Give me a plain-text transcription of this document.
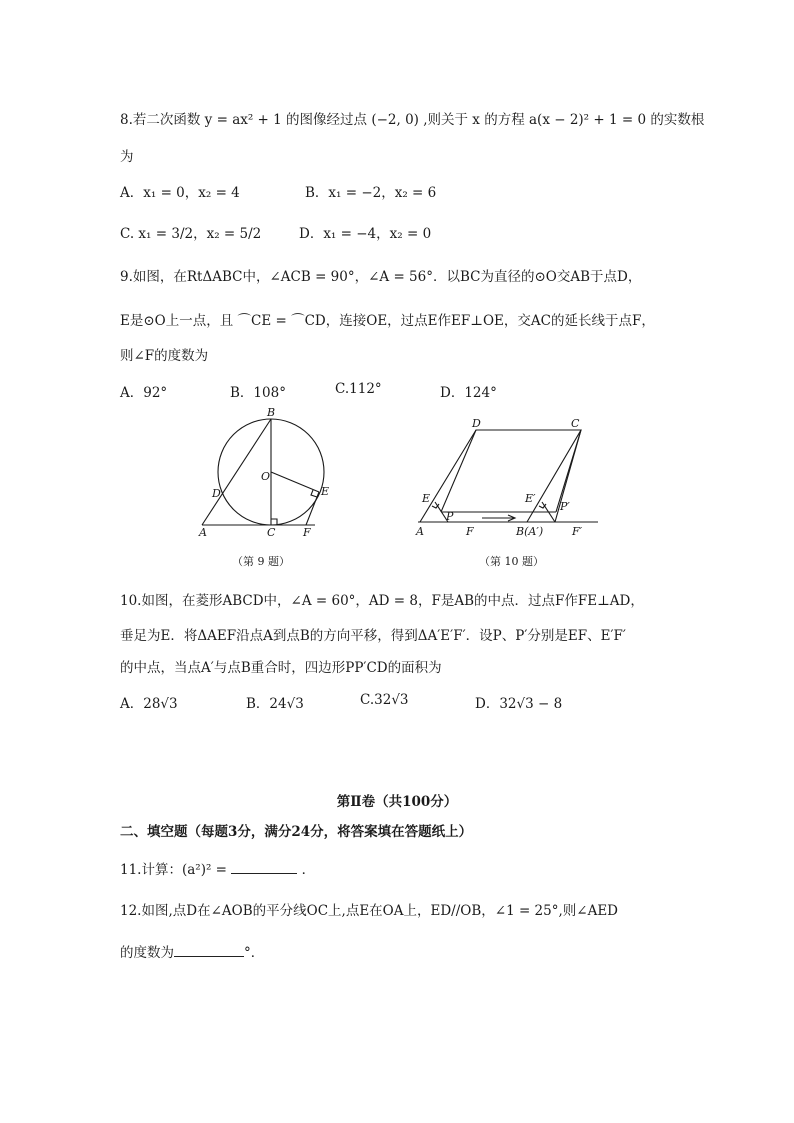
8.若二次函数 y = ax² + 1 的图像经过点 (−2, 0) ,则关于 x 的方程 a(x − 2)² + 1 = 0 的实数根
为
A．x₁ = 0，x₂ = 4	B．x₁ = −2，x₂ = 6
C. x₁ = 3/2，x₂ = 5/2	D．x₁ = −4，x₂ = 0
9.如图，在RtΔABC中，∠ACB = 90°，∠A = 56°．以BC为直径的⊙O交AB于点D，
E是⊙O上一点，且 ⌒CE = ⌒CD，连接OE，过点E作EF⊥OE，交AC的延长线于点F，
则∠F的度数为
A．92°	B．108°	C.112°	D．124°
B
O
E
D
A	C	F
（第 9 题）
D	C
E
P
A	F	B(A′)
E′
P′
F′
（第 10 题）
10.如图，在菱形ABCD中，∠A = 60°，AD = 8，F是AB的中点．过点F作FE⊥AD，
垂足为E．将ΔAEF沿点A到点B的方向平移，得到ΔA′E′F′．设P、P′分别是EF、E′F′
的中点，当点A′与点B重合时，四边形PP′CD的面积为
A．28√3	B．24√3	C.32√3	D．32√3 − 8
第Ⅱ卷（共100分）
二、填空题（每题3分，满分24分，将答案填在答题纸上）
11.计算：(a²)² =	．
12.如图,点D在∠AOB的平分线OC上,点E在OA上，ED//OB，∠1 = 25°,则∠AED
的度数为	°．
